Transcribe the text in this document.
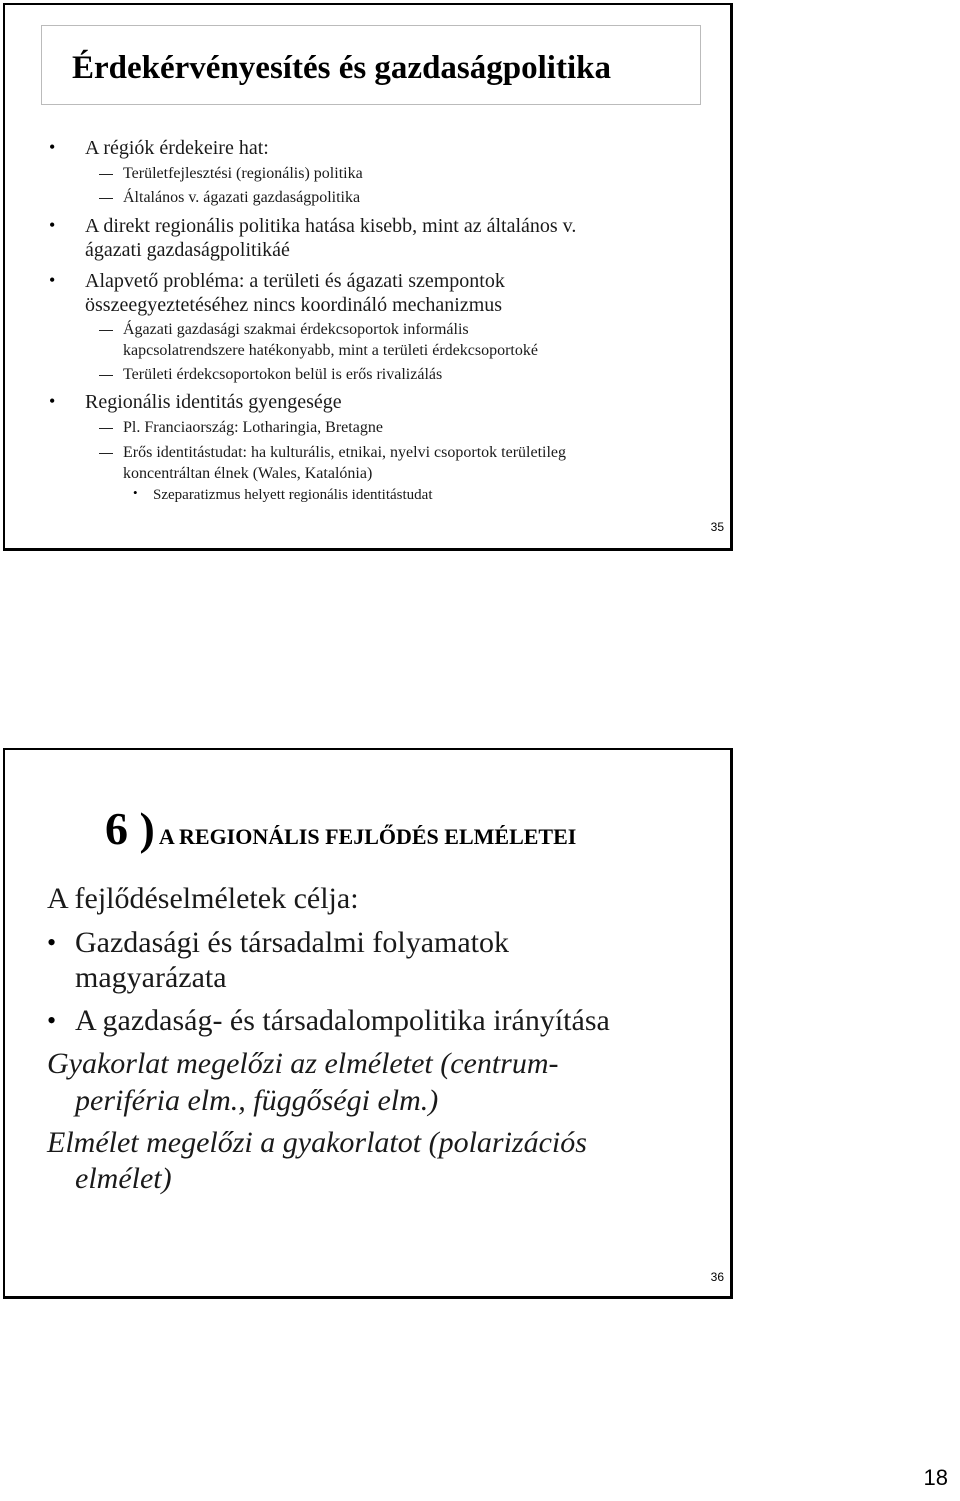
Érdekérvényesítés és gazdaságpolitika
• A régiók érdekeire hat:
Területfejlesztési (regionális) politika
Általános v. ágazati gazdaságpolitika
• A direkt regionális politika hatása kisebb, mint az általános v.
ágazati gazdaságpolitikáé
• Alapvető probléma: a területi és ágazati szempontok
összeegyeztetéséhez nincs koordináló mechanizmus
Ágazati gazdasági szakmai érdekcsoportok informális
kapcsolatrendszere hatékonyabb, mint a területi érdekcsoportoké
Területi érdekcsoportokon belül is erős rivalizálás
• Regionális identitás gyengesége
Pl. Franciaország: Lotharingia, Bretagne
Erős identitástudat: ha kulturális, etnikai, nyelvi csoportok területileg
koncentráltan élnek (Wales, Katalónia)
• Szeparatizmus helyett regionális identitástudat
35
6 ) A REGIONÁLIS FEJLŐDÉS ELMÉLETEI
A fejlődéselméletek célja:
• Gazdasági és társadalmi folyamatok
magyarázata
• A gazdaság- és társadalompolitika irányítása
Gyakorlat megelőzi az elméletet (centrum-
periféria elm., függőségi elm.)
Elmélet megelőzi a gyakorlatot (polarizációs
elmélet)
36
18
